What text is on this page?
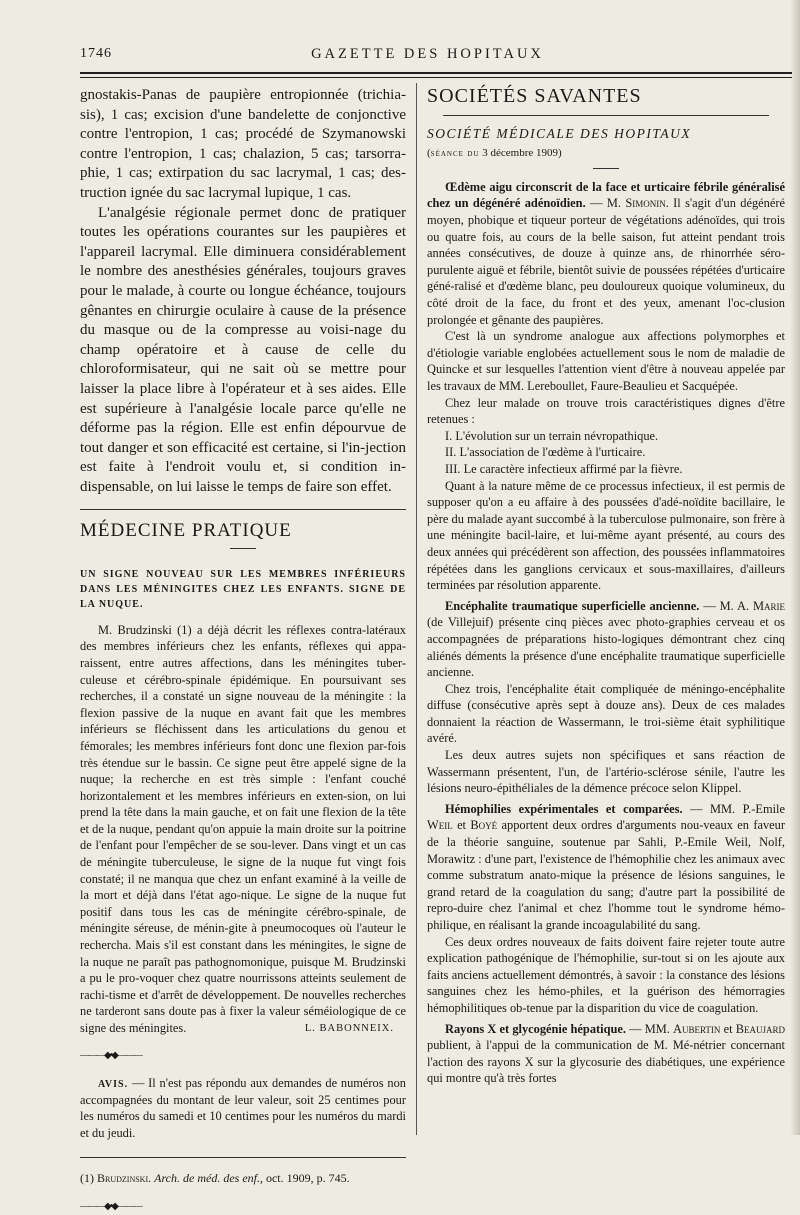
1746	GAZETTE DES HOPITAUX

gnostakis-Panas de paupière entropionnée (trichia-sis), 1 cas; excision d'une bandelette de conjonctive contre l'entropion, 1 cas; procédé de Szymanowski contre l'entropion, 1 cas; chalazion, 5 cas; tarsorra-phie, 1 cas; extirpation du sac lacrymal, 1 cas; des-truction ignée du sac lacrymal lupique, 1 cas.

L'analgésie régionale permet donc de pratiquer toutes les opérations courantes sur les paupières et l'appareil lacrymal. Elle diminuera considérablement le nombre des anesthésies générales, toujours graves pour le malade, à courte ou longue échéance, toujours gênantes en chirurgie oculaire à cause de la présence du masque ou de la compresse au voisi-nage du champ opératoire et à cause de celle du chloroformisateur, qui ne sait où se mettre pour laisser la place libre à l'opérateur et à ses aides. Elle est supérieure à l'analgésie locale parce qu'elle ne déforme pas la région. Elle est enfin dépourvue de tout danger et son efficacité est certaine, si l'in-jection est faite à l'endroit voulu et, si condition in-dispensable, on lui laisse le temps de faire son effet.

MÉDECINE PRATIQUE

UN SIGNE NOUVEAU SUR LES MEMBRES INFÉRIEURS DANS LES MÉNINGITES CHEZ LES ENFANTS. SIGNE DE LA NUQUE.

M. Brudzinski (1) a déjà décrit les réflexes contra-latéraux des membres inférieurs chez les enfants, réflexes qui appa-raissent, entre autres affections, dans les méningites tuber-culeuse et cérébro-spinale épidémique. En poursuivant ses recherches, il a constaté un signe nouveau de la méningite : la flexion passive de la nuque en avant fait que les membres inférieurs se fléchissent dans les articulations du genou et fémorales; les membres inférieurs font donc une flexion par-fois très étendue sur le bassin. Ce signe peut être appelé signe de la nuque; la recherche en est très simple : l'enfant couché horizontalement et les membres inférieurs en exten-sion, on lui prend la tête dans la main gauche, et on fait une flexion de la tête et de la nuque, pendant qu'on appuie la main droite sur la poitrine de l'enfant pour l'empêcher de se sou-lever. Dans vingt et un cas de méningite tuberculeuse, le signe de la nuque fut vingt fois constaté; il ne manqua que chez un enfant examiné à la veille de la mort et déjà dans l'état ago-nique. Le signe de la nuque fut positif dans tous les cas de méningite cérébro-spinale, de méningite séreuse, de ménin-gite à pneumocoques où l'auteur le recherchа. Mais s'il est constant dans les méningites, le signe de la nuque ne paraît pas pathognomonique, puisque M. Brudzinski a pu le pro-voquer chez quatre nourrissons atteints seulement de rachi-tisme et d'arrêt de développement. De nouvelles recherches ne tarderont sans doute pas à fixer la valeur séméiologique de ce signe des méningites.	L. BABONNEIX.

———◆•◆———

AVIS. — Il n'est pas répondu aux demandes de numéros non accompagnées du montant de leur valeur, soit 25 centimes pour les numéros du samedi et 10 centimes pour les numéros du mardi et du jeudi.

(1) Brudzinski. Arch. de méd. des enf., oct. 1909, p. 745.

———◆•◆———

SOCIÉTÉS SAVANTES

SOCIÉTÉ MÉDICALE DES HOPITAUX

(séance du 3 décembre 1909)

Œdème aigu circonscrit de la face et urticaire fébrile généralisé chez un dégénéré adénoïdien. — M. Simonin. Il s'agit d'un dégénéré moyen, phobique et tiqueur porteur de végétations adénoïdes, qui trois ou quatre fois, au cours de la belle saison, fut atteint pendant trois années consécutives, de douze à quinze ans, de rhinorrhée séro-purulente aiguë et fébrile, bientôt suivie de poussées répétées d'urticaire géné-ralisé et d'œdème blanc, peu douloureux quoique volumineux, du côté droit de la face, du front et des yeux, amenant l'oc-clusion prolongée et gênante des paupières.

C'est là un syndrome analogue aux affections polymorphes et d'étiologie variable englobées actuellement sous le nom de maladie de Quincke et sur lesquelles l'attention vient d'être à nouveau appelée par les travaux de MM. Lereboullet, Faure-Beaulieu et Sacquépée.

Chez leur malade on trouve trois caractéristiques dignes d'être retenues :

I. L'évolution sur un terrain névropathique.

II. L'association de l'œdème à l'urticaire.

III. Le caractère infectieux affirmé par la fièvre.

Quant à la nature même de ce processus infectieux, il est permis de supposer qu'on a eu affaire à des poussées d'adé-noïdite bacillaire, le père du malade ayant succombé à la tuberculose pulmonaire, son frère à une méningite bacil-laire, et lui-même ayant présenté, au cours des deux années qui précédèrent son affection, des poussées inflammatoires répétées dans les ganglions cervicaux et sous-maxillaires, d'ailleurs terminées par résolution apparente.

Encéphalite traumatique superficielle ancienne. — M. A. Marie (de Villejuif) présente cinq pièces avec photo-graphies cerveau et os accompagnées de préparations histo-logiques démontrant chez cinq aliénés déments la présence d'une encéphalite traumatique superficielle ancienne.

Chez trois, l'encéphalite était compliquée de méningo-encéphalite diffuse (consécutive après sept à douze ans). Deux de ces malades donnaient la réaction de Wassermann, le troi-sième était syphilitique avéré.

Les deux autres sujets non spécifiques et sans réaction de Wassermann présentent, l'un, de l'artério-sclérose sénile, l'autre les lésions neuro-épithéliales de la démence précoce selon Klippel.

Hémophilies expérimentales et comparées. — MM. P.-Emile Weil et Boyé apportent deux ordres d'arguments nou-veaux en faveur de la théorie sanguine, soutenue par Sahli, P.-Emile Weil, Nolf, Morawitz : d'une part, l'existence de l'hémophilie chez les animaux avec comme substratum anato-mique la présence de lésions sanguines, le grand retard de la coagulation du sang; d'autre part la possibilité de repro-duire chez l'animal et chez l'homme tout le syndrome hémo-philique, en réalisant la grande incoagulabilité du sang.

Ces deux ordres nouveaux de faits doivent faire rejeter toute autre explication pathogénique de l'hémophilie, sur-tout si on les ajoute aux faits anciens actuellement démontrés, à savoir : la constance des lésions sanguines chez les hémo-philes, et la guérison des hémorragies hémophilitiques ob-tenue par la disparition du vice de coagulation.

Rayons X et glycogénie hépatique. — MM. Aubertin et Beaujard publient, à l'appui de la communication de M. Mé-nétrier concernant l'action des rayons X sur la glycosurie des diabétiques, une expérience qui montre qu'à très fortes
